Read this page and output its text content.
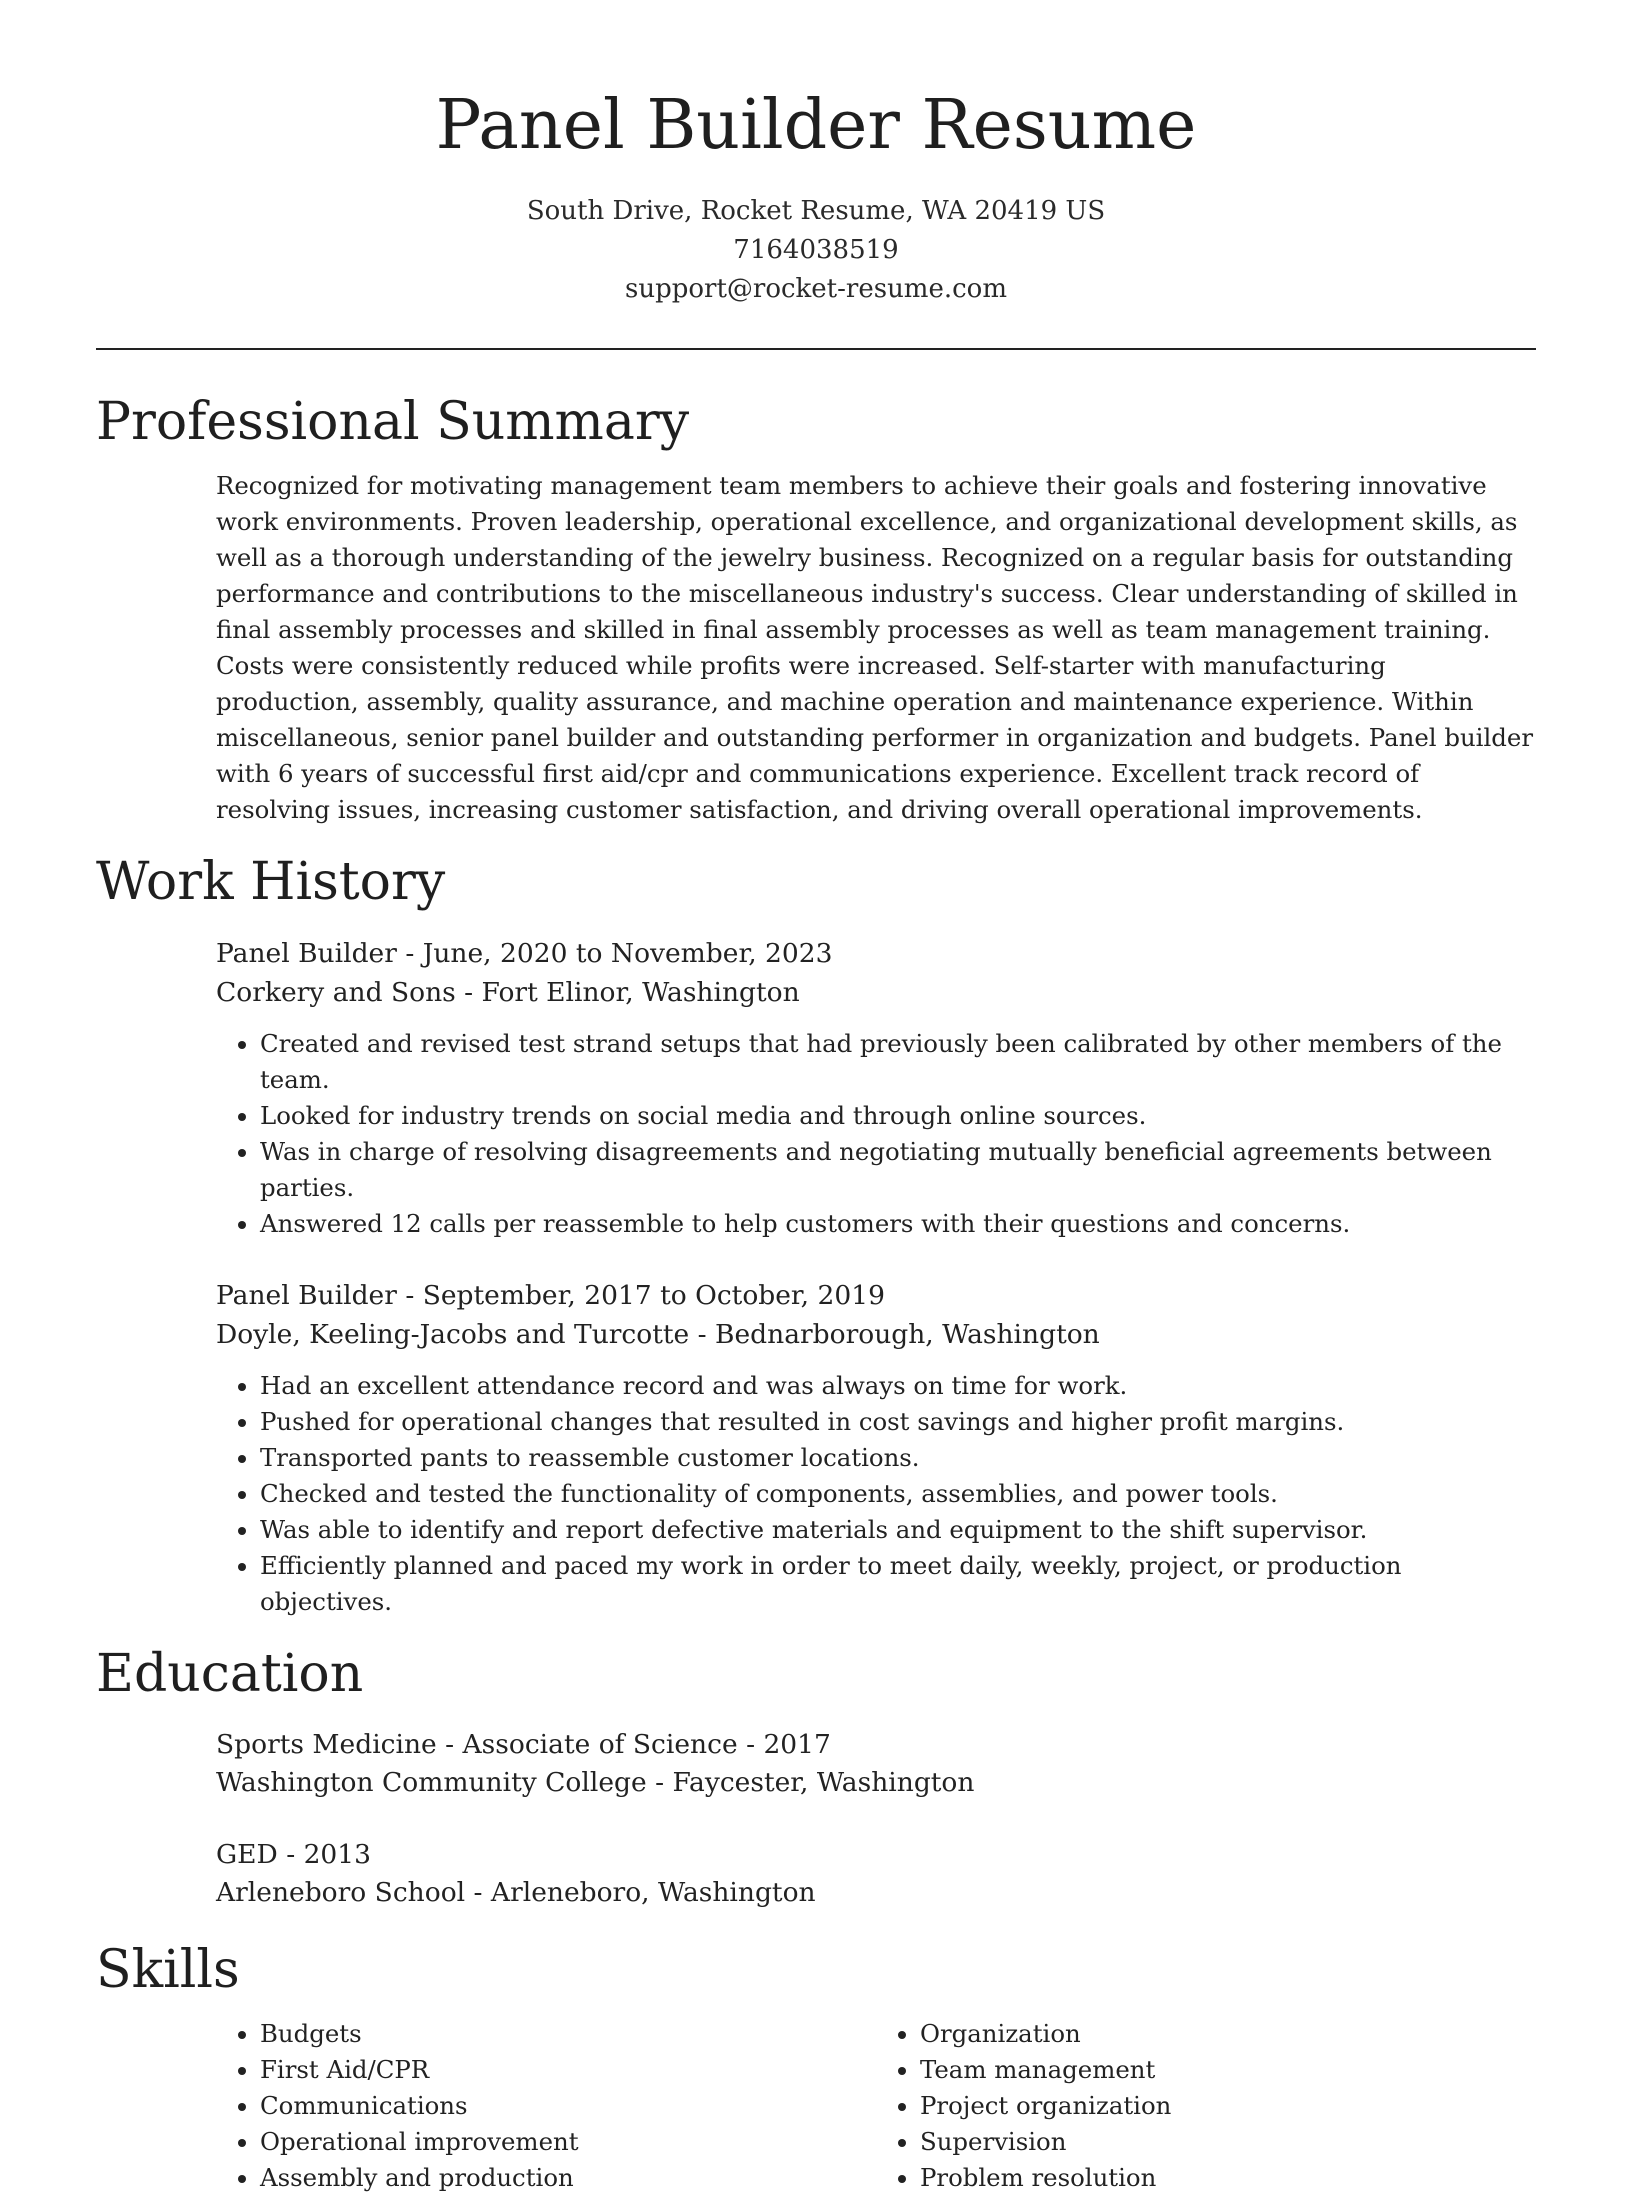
Panel Builder Resume
South Drive, Rocket Resume, WA 20419 US
7164038519
support@rocket-resume.com
Professional Summary

Recognized for motivating management team members to achieve their goals and fostering innovative work environments. Proven leadership, operational excellence, and organizational development skills, as well as a thorough understanding of the jewelry business. Recognized on a regular basis for outstanding performance and contributions to the miscellaneous industry's success. Clear understanding of skilled in final assembly processes and skilled in final assembly processes as well as team management training. Costs were consistently reduced while profits were increased. Self-starter with manufacturing production, assembly, quality assurance, and machine operation and maintenance experience. Within miscellaneous, senior panel builder and outstanding performer in organization and budgets. Panel builder with 6 years of successful first aid/cpr and communications experience. Excellent track record of resolving issues, increasing customer satisfaction, and driving overall operational improvements.

Work History
Panel Builder - June, 2020 to November, 2023
Corkery and Sons - Fort Elinor, Washington
• Created and revised test strand setups that had previously been calibrated by other members of the team.
• Looked for industry trends on social media and through online sources.
• Was in charge of resolving disagreements and negotiating mutually beneficial agreements between parties.
• Answered 12 calls per reassemble to help customers with their questions and concerns.
Panel Builder - September, 2017 to October, 2019
Doyle, Keeling-Jacobs and Turcotte - Bednarborough, Washington
• Had an excellent attendance record and was always on time for work.
• Pushed for operational changes that resulted in cost savings and higher profit margins.
• Transported pants to reassemble customer locations.
• Checked and tested the functionality of components, assemblies, and power tools.
• Was able to identify and report defective materials and equipment to the shift supervisor.
• Efficiently planned and paced my work in order to meet daily, weekly, project, or production objectives.
Education
Sports Medicine - Associate of Science - 2017
Washington Community College - Faycester, Washington
GED - 2013
Arleneboro School - Arleneboro, Washington
Skills
• Budgets
• First Aid/CPR
• Communications
• Operational improvement
• Assembly and production
• Organization
• Team management
• Project organization
• Supervision
• Problem resolution
